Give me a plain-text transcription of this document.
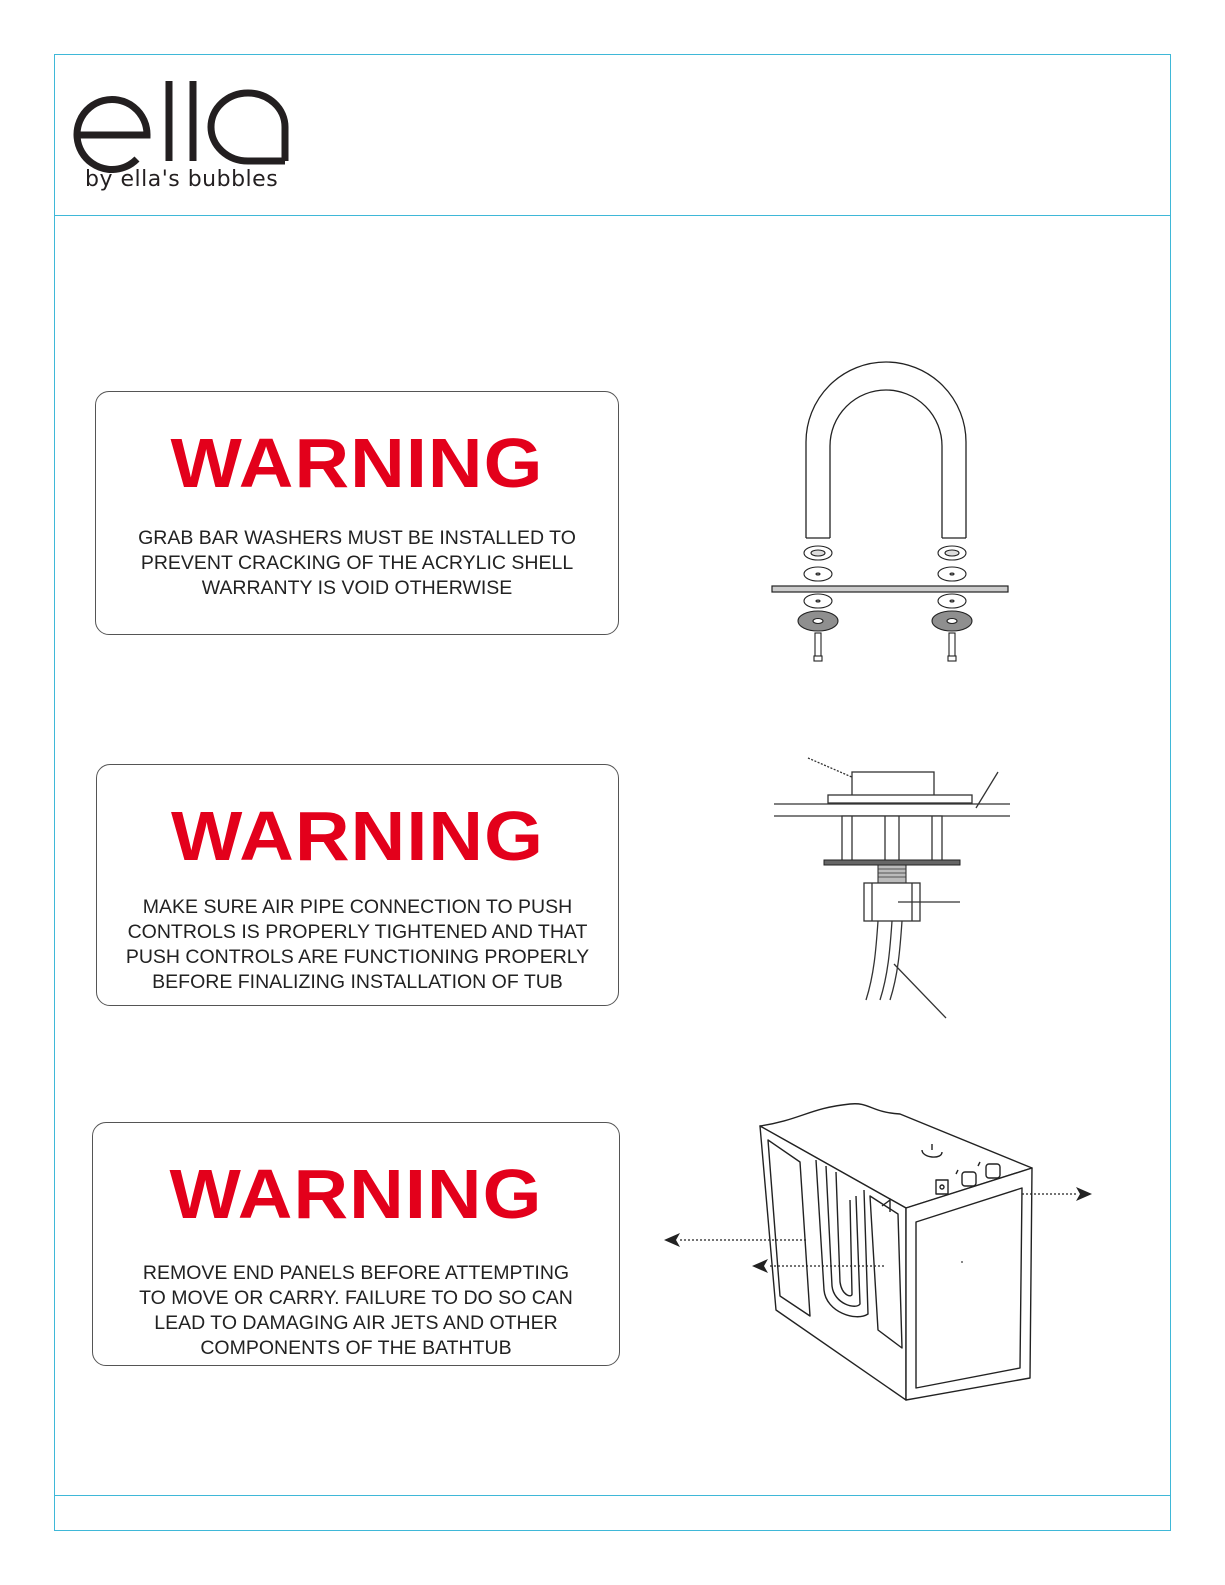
by ella's bubbles
WARNING
GRAB BAR WASHERS MUST BE INSTALLED TO
PREVENT CRACKING OF THE ACRYLIC SHELL
WARRANTY IS VOID OTHERWISE
WARNING
MAKE SURE AIR PIPE CONNECTION TO PUSH
CONTROLS IS PROPERLY TIGHTENED AND THAT
PUSH CONTROLS ARE FUNCTIONING PROPERLY
BEFORE FINALIZING INSTALLATION OF TUB
WARNING
REMOVE END PANELS BEFORE ATTEMPTING
TO MOVE OR CARRY. FAILURE TO DO SO CAN
LEAD TO DAMAGING AIR JETS AND OTHER
COMPONENTS OF THE BATHTUB
